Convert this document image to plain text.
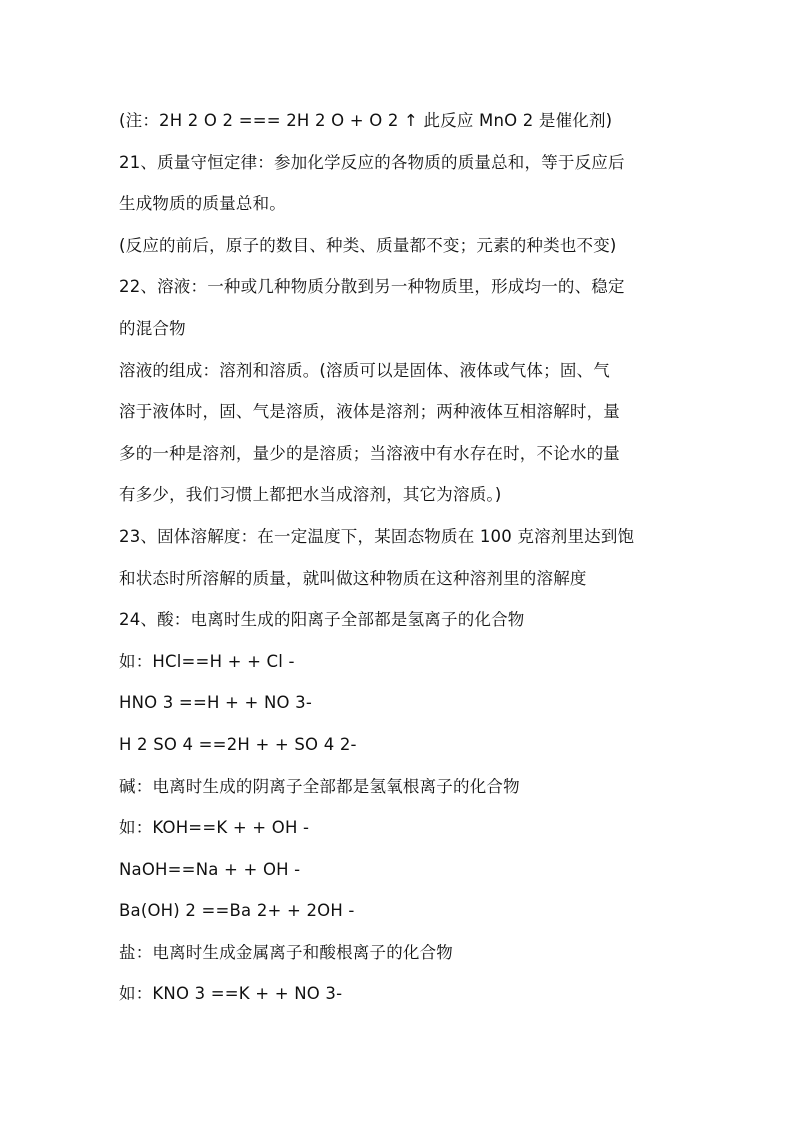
(注：2H 2 O 2 === 2H 2 O + O 2 ↑ 此反应 MnO 2 是催化剂)
21、质量守恒定律：参加化学反应的各物质的质量总和，等于反应后
生成物质的质量总和。
(反应的前后，原子的数目、种类、质量都不变；元素的种类也不变)
22、溶液：一种或几种物质分散到另一种物质里，形成均一的、稳定
的混合物
溶液的组成：溶剂和溶质。(溶质可以是固体、液体或气体；固、气
溶于液体时，固、气是溶质，液体是溶剂；两种液体互相溶解时，量
多的一种是溶剂，量少的是溶质；当溶液中有水存在时，不论水的量
有多少，我们习惯上都把水当成溶剂，其它为溶质。)
23、固体溶解度：在一定温度下，某固态物质在 100 克溶剂里达到饱
和状态时所溶解的质量，就叫做这种物质在这种溶剂里的溶解度
24、酸：电离时生成的阳离子全部都是氢离子的化合物
如：HCl==H + + Cl -
HNO 3 ==H + + NO 3-
H 2 SO 4 ==2H + + SO 4 2-
碱：电离时生成的阴离子全部都是氢氧根离子的化合物
如：KOH==K + + OH -
NaOH==Na + + OH -
Ba(OH) 2 ==Ba 2+ + 2OH -
盐：电离时生成金属离子和酸根离子的化合物
如：KNO 3 ==K + + NO 3-
